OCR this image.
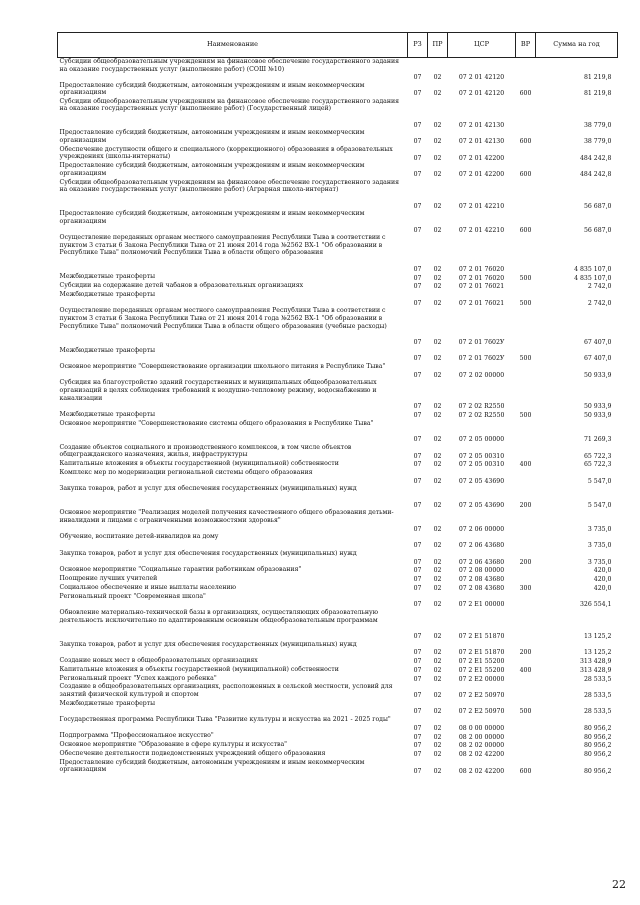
Наименование	РЗ	ПР	ЦСР	ВР	Сумма на год
Субсидии общеобразовательным учреждениям на финансовое обеспечение государственного задания на оказание государственных услуг (выполнение работ) (СОШ №10)	07	02	07 2 01 42120		81 219,8
Предоставление субсидий бюджетным, автономным учреждениям и иным некоммерческим организациям	07	02	07 2 01 42120	600	81 219,8
Субсидии общеобразовательным учреждениям на финансовое обеспечение государственного задания на оказание государственных услуг (выполнение работ) (Государственный лицей)	07	02	07 2 01 42130		38 779,0
Предоставление субсидий бюджетным, автономным учреждениям и иным некоммерческим организациям	07	02	07 2 01 42130	600	38 779,0
Обеспечение доступности общего и специального (коррекционного) образования в образовательных учреждениях (школы-интернаты)	07	02	07 2 01 42200		484 242,8
Предоставление субсидий бюджетным, автономным учреждениям и иным некоммерческим организациям	07	02	07 2 01 42200	600	484 242,8
Субсидии общеобразовательным учреждениям на финансовое обеспечение государственного задания на оказание государственных услуг (выполнение работ) (Аграрная школа-интернат)	07	02	07 2 01 42210		56 687,0
Предоставление субсидий бюджетным, автономным учреждениям и иным некоммерческим организациям	07	02	07 2 01 42210	600	56 687,0
Осуществление переданных органам местного самоуправления Республики Тыва в соответствии с пунктом 3 статьи 6 Закона Республики Тыва от 21 июня 2014 года №2562 ВХ-1 "Об образовании в Республике Тыва" полномочий Республики Тыва в области общего образования	07	02	07 2 01 76020		4 835 107,0
Межбюджетные трансферты	07	02	07 2 01 76020	500	4 835 107,0
Субсидии на содержание детей чабанов в образовательных организациях	07	02	07 2 01 76021		2 742,0
Межбюджетные трансферты	07	02	07 2 01 76021	500	2 742,0
Осуществление переданных органам местного самоуправления Республики Тыва в соответствии с пунктом 3 статьи 6 Закона Республики Тыва от 21 июня 2014 года №2562 ВХ-1 "Об образовании в Республике Тыва" полномочий Республики Тыва в области общего образования (учебные расходы)	07	02	07 2 01 7602У		67 407,0
Межбюджетные трансферты	07	02	07 2 01 7602У	500	67 407,0
Основное мероприятие "Совершенствование организации школьного питания в Республике Тыва"	07	02	07 2 02 00000		50 933,9
Субсидия на благоустройство зданий государственных и муниципальных общеобразовательных организаций в целях соблюдения требований к воздушно-тепловому режиму, водоснабжению и канализации	07	02	07 2 02 R2550		50 933,9
Межбюджетные трансферты	07	02	07 2 02 R2550	500	50 933,9
Основное мероприятие "Совершенствование системы общего образования в Республике Тыва"	07	02	07 2 05 00000		71 269,3
Создание объектов социального и производственного комплексов, в том числе объектов общегражданского назначения, жилья, инфраструктуры	07	02	07 2 05 00310		65 722,3
Капитальные вложения в объекты государственной (муниципальной) собственности	07	02	07 2 05 00310	400	65 722,3
Комплекс мер по модернизации региональной системы общего образования	07	02	07 2 05 43690		5 547,0
Закупка товаров, работ и услуг для обеспечения государственных (муниципальных) нужд	07	02	07 2 05 43690	200	5 547,0
Основное мероприятие "Реализация моделей получения качественного общего образования детьми-инвалидами и лицами с ограниченными возможностями здоровья"	07	02	07 2 06 00000		3 735,0
Обучение, воспитание детей-инвалидов на дому	07	02	07 2 06 43680		3 735,0
Закупка товаров, работ и услуг для обеспечения государственных (муниципальных) нужд	07	02	07 2 06 43680	200	3 735,0
Основное мероприятие "Социальные гарантии работникам образования"	07	02	07 2 08 00000		420,0
Поощрение лучших учителей	07	02	07 2 08 43680		420,0
Социальное обеспечение и иные выплаты населению	07	02	07 2 08 43680	300	420,0
Региональный проект "Современная школа"	07	02	07 2 Е1 00000		326 554,1
Обновление материально-технической базы в организациях, осуществляющих образовательную деятельность исключительно по адаптированным основным общеобразовательным программам	07	02	07 2 Е1 51870		13 125,2
Закупка товаров, работ и услуг для обеспечения государственных (муниципальных) нужд	07	02	07 2 Е1 51870	200	13 125,2
Создание новых мест в общеобразовательных организациях	07	02	07 2 Е1 55200		313 428,9
Капитальные вложения в объекты государственной (муниципальной) собственности	07	02	07 2 Е1 55200	400	313 428,9
Региональный проект "Успех каждого ребенка"	07	02	07 2 Е2 00000		28 533,5
Создание в общеобразовательных организациях, расположенных в сельской местности, условий для занятий физической культурой и спортом	07	02	07 2 Е2 50970		28 533,5
Межбюджетные трансферты	07	02	07 2 Е2 50970	500	28 533,5
Государственная программа Республики Тыва "Развитие культуры и искусства на 2021 - 2025 годы"	07	02	08 0 00 00000		80 956,2
Подпрограмма "Профессиональное искусство"	07	02	08 2 00 00000		80 956,2
Основное мероприятие "Образование в сфере культуры и искусства"	07	02	08 2 02 00000		80 956,2
Обеспечение деятельности подведомственных учреждений общего образования	07	02	08 2 02 42200		80 956,2
Предоставление субсидий бюджетным, автономным учреждениям и иным некоммерческим организациям	07	02	08 2 02 42200	600	80 956,2
22
